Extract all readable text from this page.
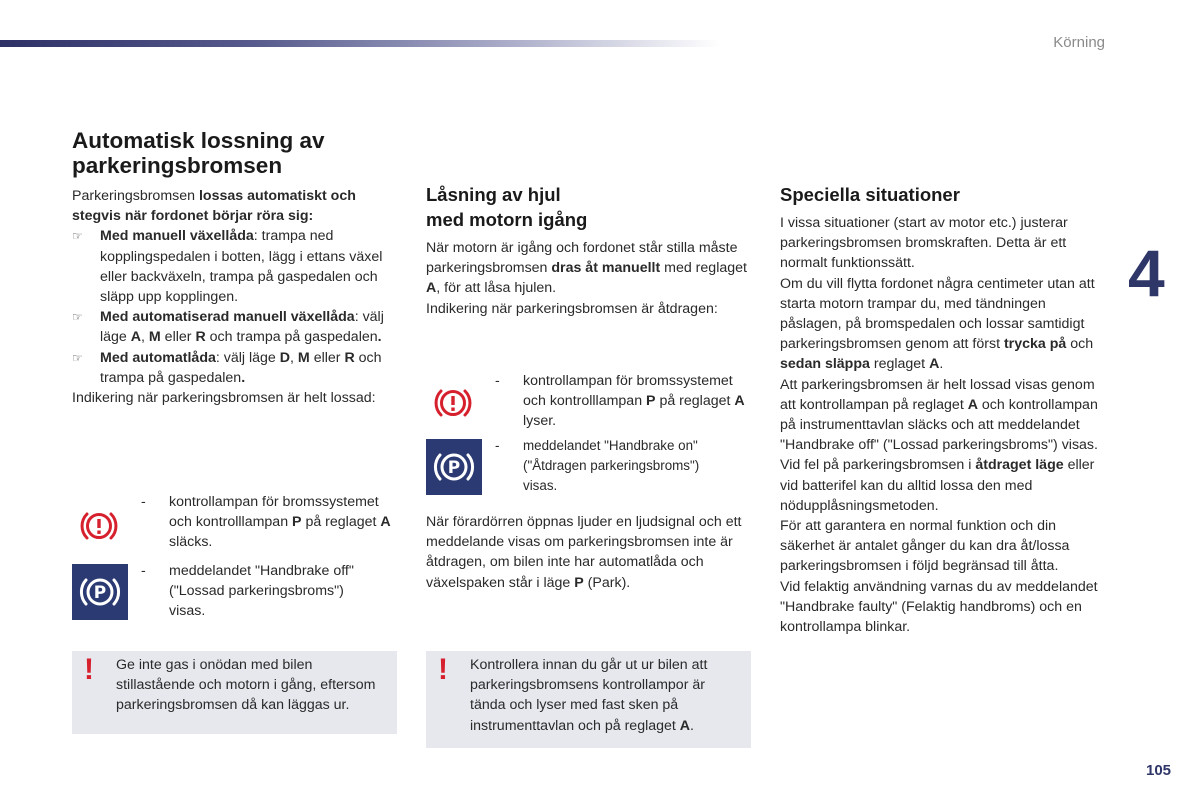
Körning
4
105
Automatisk lossning av
parkeringsbromsen

Parkeringsbromsen lossas automatiskt och stegvis när fordonet börjar röra sig:

☞ Med manuell växellåda: trampa ned kopplingspedalen i botten, lägg i ettans växel eller backväxeln, trampa på gaspedalen och släpp upp kopplingen.
☞ Med automatiserad manuell växellåda: välj läge A, M eller R och trampa på gaspedalen.
☞ Med automatlåda: välj läge D, M eller R och trampa på gaspedalen.

Indikering när parkeringsbromsen är helt lossad:

- kontrollampan för bromssystemet och kontrolllampan P på reglaget A släcks.
P
- meddelandet "Handbrake off" ("Lossad parkeringsbroms") visas.
! Ge inte gas i onödan med bilen stillastående och motorn i gång, eftersom parkeringsbromsen då kan läggas ur.
Låsning av hjul
med motorn igång

När motorn är igång och fordonet står stilla måste parkeringsbromsen dras åt manuellt med reglaget A, för att låsa hjulen.

Indikering när parkeringsbromsen är åtdragen:

- kontrollampan för bromssystemet och kontrolllampan P på reglaget A lyser.
P
- meddelandet "Handbrake on" ("Åtdragen parkeringsbroms") visas.

När förardörren öppnas ljuder en ljudsignal och ett meddelande visas om parkeringsbromsen inte är åtdragen, om bilen inte har automatlåda och växelspaken står i läge P (Park).

! Kontrollera innan du går ut ur bilen att parkeringsbromsens kontrollampor är tända och lyser med fast sken på instrumenttavlan och på reglaget A.
Speciella situationer

I vissa situationer (start av motor etc.) justerar parkeringsbromsen bromskraften. Detta är ett normalt funktionssätt.

Om du vill flytta fordonet några centimeter utan att starta motorn trampar du, med tändningen påslagen, på bromspedalen och lossar samtidigt parkeringsbromsen genom att först trycka på och sedan släppa reglaget A.

Att parkeringsbromsen är helt lossad visas genom att kontrollampan på reglaget A och kontrollampan på instrumenttavlan släcks och att meddelandet "Handbrake off" ("Lossad parkeringsbroms") visas.

Vid fel på parkeringsbromsen i åtdraget läge eller vid batterifel kan du alltid lossa den med nödupplåsningsmetoden.

För att garantera en normal funktion och din säkerhet är antalet gånger du kan dra åt/lossa parkeringsbromsen i följd begränsad till åtta.

Vid felaktig användning varnas du av meddelandet "Handbrake faulty" (Felaktig handbroms) och en kontrollampa blinkar.
